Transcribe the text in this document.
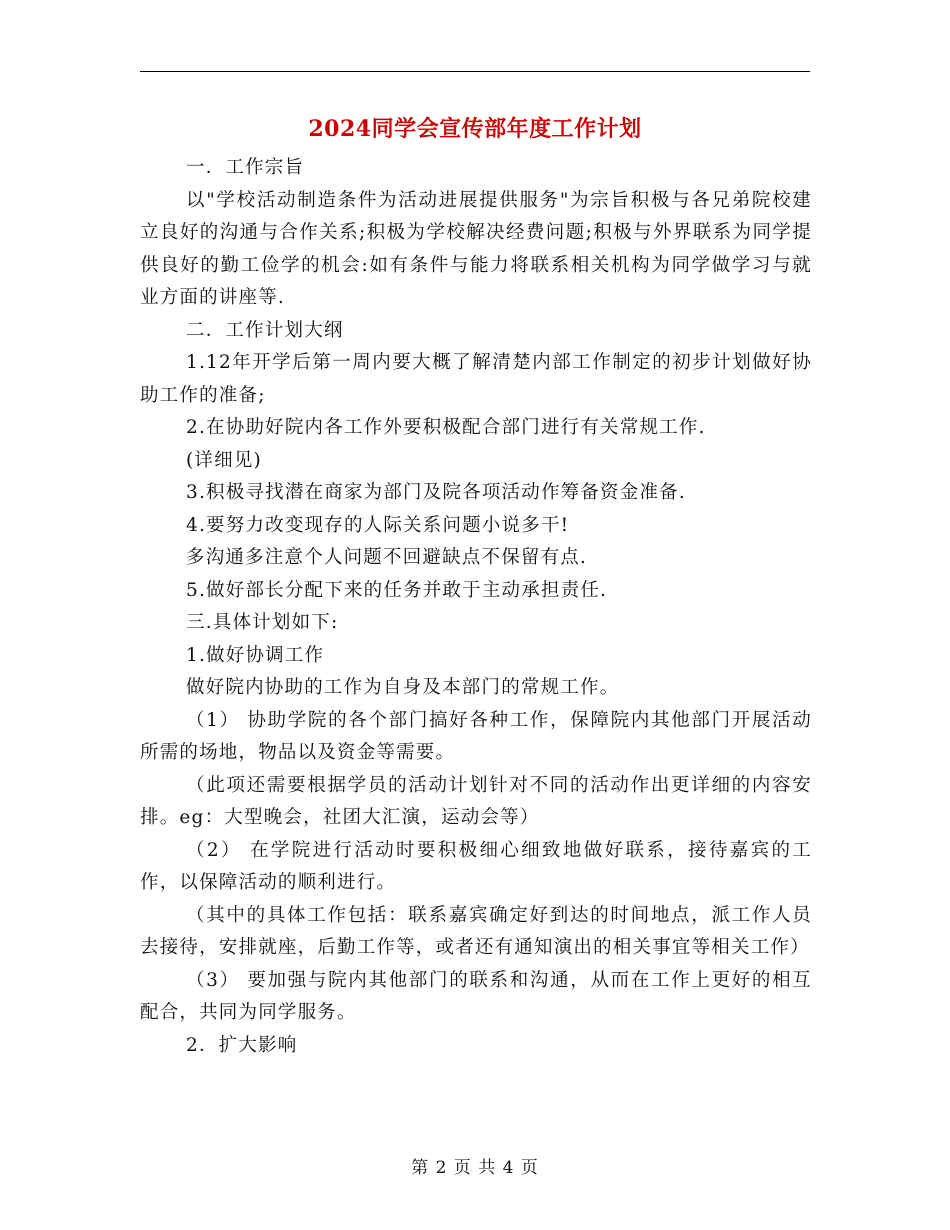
2024同学会宣传部年度工作计划

一．工作宗旨

以"学校活动制造条件为活动进展提供服务"为宗旨积极与各兄弟院校建立良好的沟通与合作关系;积极为学校解决经费问题;积极与外界联系为同学提供良好的勤工俭学的机会:如有条件与能力将联系相关机构为同学做学习与就业方面的讲座等.

二．工作计划大纲

1.12年开学后第一周内要大概了解清楚内部工作制定的初步计划做好协助工作的准备;

2.在协助好院内各工作外要积极配合部门进行有关常规工作.

(详细见)

3.积极寻找潜在商家为部门及院各项活动作筹备资金准备.

4.要努力改变现存的人际关系问题小说多干!

多沟通多注意个人问题不回避缺点不保留有点.

5.做好部长分配下来的任务并敢于主动承担责任.

三.具体计划如下:

1.做好协调工作

做好院内协助的工作为自身及本部门的常规工作。

（1） 协助学院的各个部门搞好各种工作，保障院内其他部门开展活动所需的场地，物品以及资金等需要。

（此项还需要根据学员的活动计划针对不同的活动作出更详细的内容安排。eg：大型晚会，社团大汇演，运动会等）

（2） 在学院进行活动时要积极细心细致地做好联系，接待嘉宾的工作，以保障活动的顺利进行。

（其中的具体工作包括：联系嘉宾确定好到达的时间地点，派工作人员去接待，安排就座，后勤工作等，或者还有通知演出的相关事宜等相关工作）

（3） 要加强与院内其他部门的联系和沟通，从而在工作上更好的相互配合，共同为同学服务。

2．扩大影响

第 2 页 共 4 页
